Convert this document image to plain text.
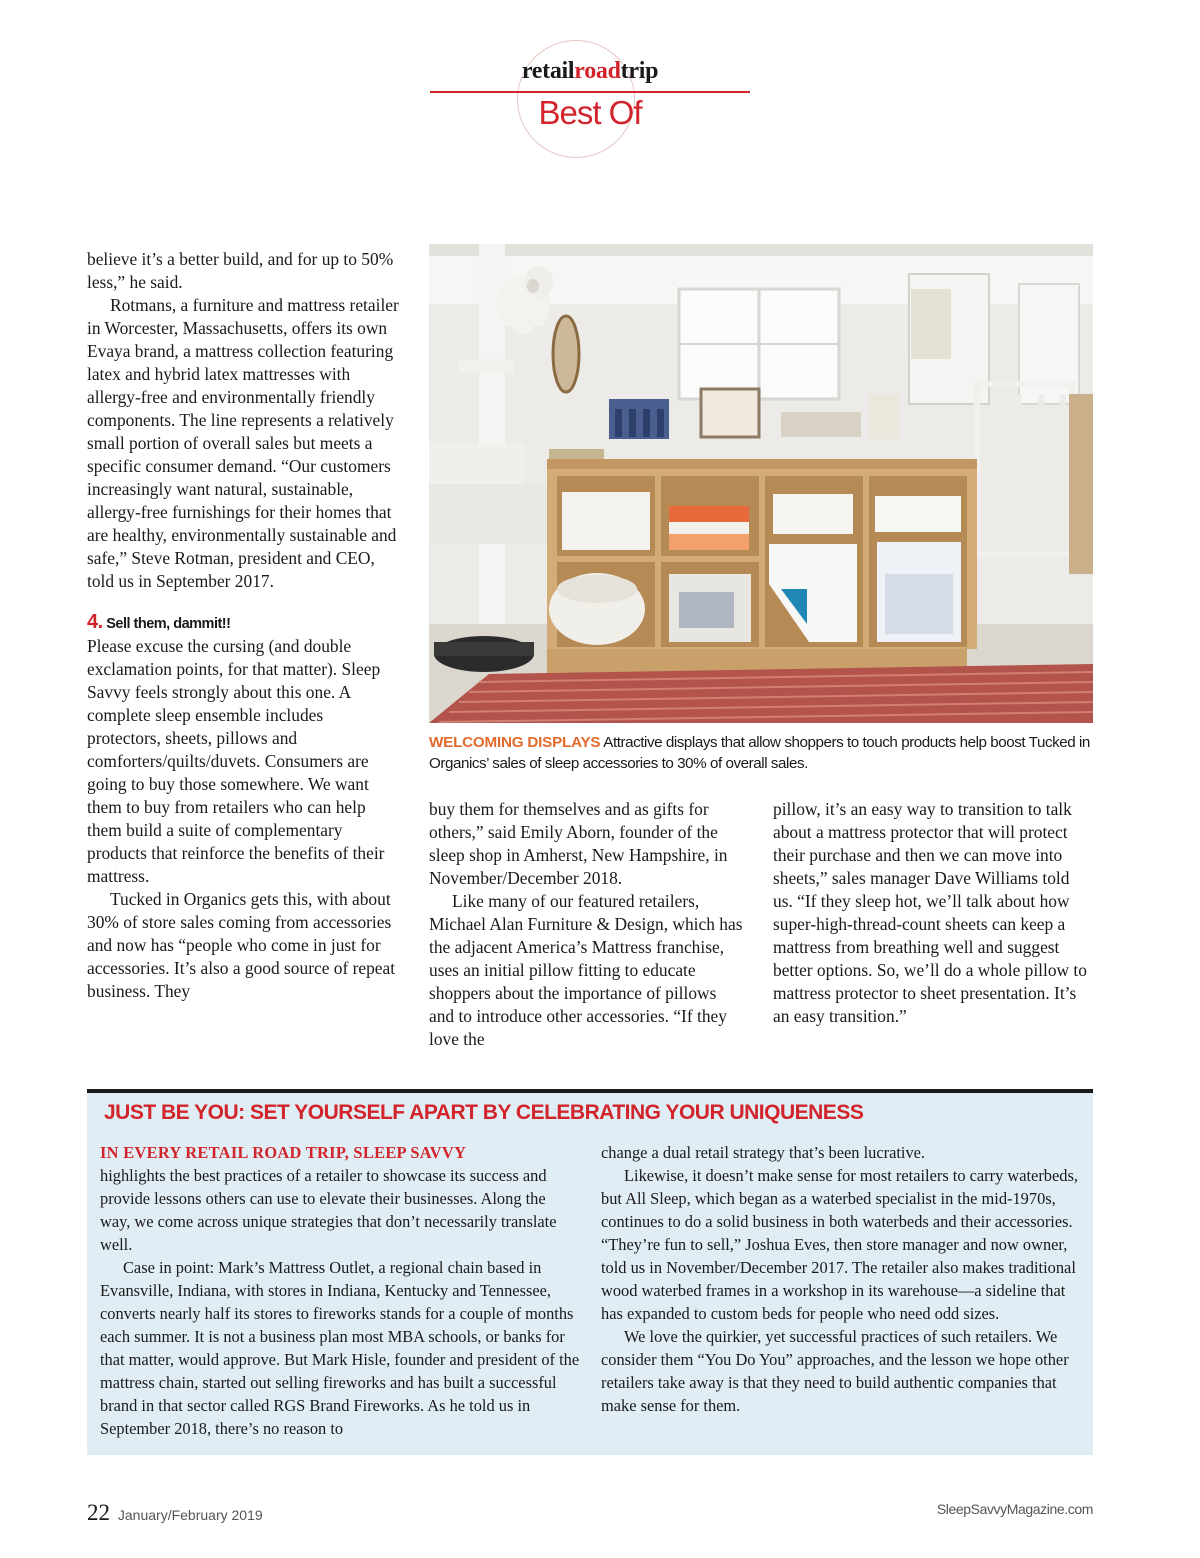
retailroadtrip
Best Of

believe it’s a better build, and for up to 50% less,” he said.

Rotmans, a furniture and mattress retailer in Worcester, Massachusetts, offers its own Evaya brand, a mattress collection featuring latex and hybrid latex mattresses with allergy-free and environmentally friendly components. The line represents a relatively small portion of overall sales but meets a specific consumer demand. “Our customers increasingly want natural, sustainable, allergy-free furnishings for their homes that are healthy, environmentally sustainable and safe,” Steve Rotman, president and CEO, told us in September 2017.

4. Sell them, dammit!!

Please excuse the cursing (and double exclamation points, for that matter). Sleep Savvy feels strongly about this one. A complete sleep ensemble includes protectors, sheets, pillows and comforters/quilts/duvets. Consumers are going to buy those somewhere. We want them to buy from retailers who can help them build a suite of complementary products that reinforce the benefits of their mattress.

Tucked in Organics gets this, with about 30% of store sales coming from accessories and now has “people who come in just for accessories. It’s also a good source of repeat business. They

WELCOMING DISPLAYS Attractive displays that allow shoppers to touch products help boost Tucked in Organics’ sales of sleep accessories to 30% of overall sales.

buy them for themselves and as gifts for others,” said Emily Aborn, founder of the sleep shop in Amherst, New Hampshire, in November/December 2018.

Like many of our featured retailers, Michael Alan Furniture & Design, which has the adjacent America’s Mattress franchise, uses an initial pillow fitting to educate shoppers about the importance of pillows and to introduce other accessories. “If they love the

pillow, it’s an easy way to transition to talk about a mattress protector that will protect their purchase and then we can move into sheets,” sales manager Dave Williams told us. “If they sleep hot, we’ll talk about how super-high-thread-count sheets can keep a mattress from breathing well and suggest better options. So, we’ll do a whole pillow to mattress protector to sheet presentation. It’s an easy transition.”

JUST BE YOU: SET YOURSELF APART BY CELEBRATING YOUR UNIQUENESS

IN EVERY RETAIL ROAD TRIP, SLEEP SAVVY
highlights the best practices of a retailer to showcase its success and provide lessons others can use to elevate their businesses. Along the way, we come across unique strategies that don’t necessarily translate well.

Case in point: Mark’s Mattress Outlet, a regional chain based in Evansville, Indiana, with stores in Indiana, Kentucky and Tennessee, converts nearly half its stores to fireworks stands for a couple of months each summer. It is not a business plan most MBA schools, or banks for that matter, would approve. But Mark Hisle, founder and president of the mattress chain, started out selling fireworks and has built a successful brand in that sector called RGS Brand Fireworks. As he told us in September 2018, there’s no reason to

change a dual retail strategy that’s been lucrative.

Likewise, it doesn’t make sense for most retailers to carry waterbeds, but All Sleep, which began as a waterbed specialist in the mid-1970s, continues to do a solid business in both waterbeds and their accessories. “They’re fun to sell,” Joshua Eves, then store manager and now owner, told us in November/December 2017. The retailer also makes traditional wood waterbed frames in a workshop in its warehouse—a sideline that has expanded to custom beds for people who need odd sizes.

We love the quirkier, yet successful practices of such retailers. We consider them “You Do You” approaches, and the lesson we hope other retailers take away is that they need to build authentic companies that make sense for them.

22 January/February 2019	SleepSavvyMagazine.com
